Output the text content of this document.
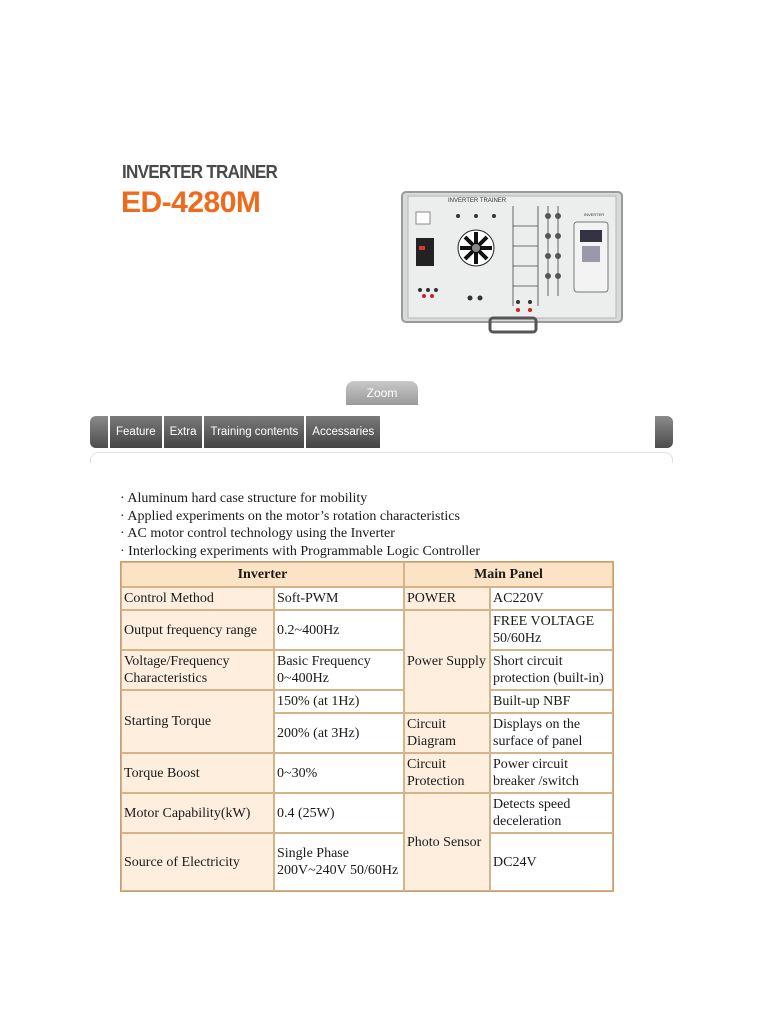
INVERTER TRAINER
ED-4280M	INVERTER TRAINER
INVERTER
Zoom
Feature	Extra	Training contents	Accessaries
· Aluminum hard case structure for mobility
· Applied experiments on the motor’s rotation characteristics
· AC motor control technology using the Inverter
· Interlocking experiments with Programmable Logic Controller
Inverter		Main Panel	
Control Method	Soft-PWM	POWER	AC220V
Output frequency range	0.2~400Hz	Power Supply	FREE VOLTAGE 50/60Hz
Voltage/Frequency Characteristics	Basic Frequency 0~400Hz		Short circuit protection (built-in)
Starting Torque	150% (at 1Hz)		Built-up NBF
	200% (at 3Hz)	Circuit Diagram	Displays on the surface of panel
Torque Boost	0~30%	Circuit Protection	Power circuit breaker /switch
Motor Capability(kW)	0.4 (25W)	Photo Sensor	Detects speed deceleration
Source of Electricity	Single Phase 200V~240V 50/60Hz		DC24V
